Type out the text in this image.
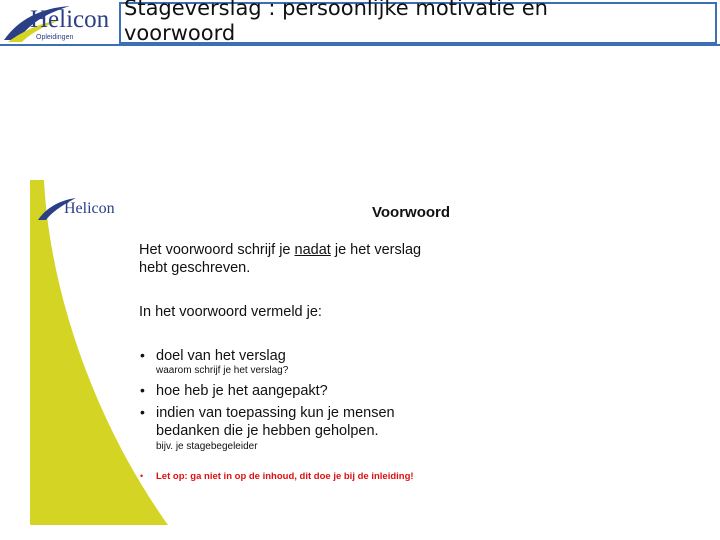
Helicon
Opleidingen
Stageverslag : persoonlijke motivatie en
voorwoord
Helicon	Voorwoord
Het voorwoord schrijf je nadat je het verslag
hebt geschreven.
In het voorwoord vermeld je:
• doel van het verslag
waarom schrijf je het verslag?
• hoe heb je het aangepakt?
• indien van toepassing kun je mensen
bedanken die je hebben geholpen.
bijv. je stagebegeleider
• Let op: ga niet in op de inhoud, dit doe je bij de inleiding!
